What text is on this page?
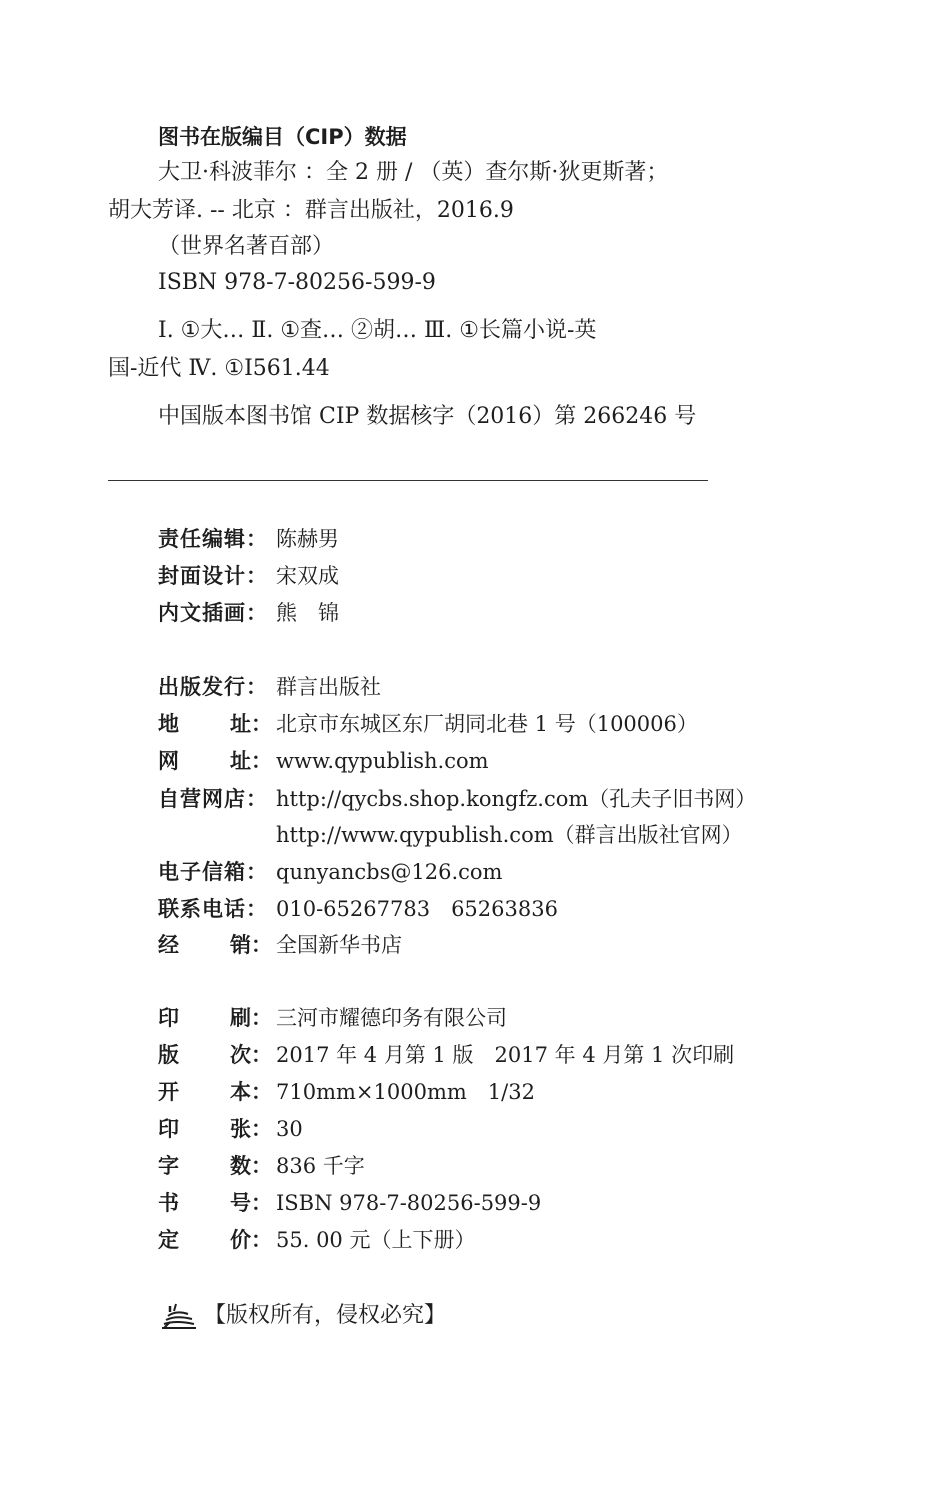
图书在版编目（CIP）数据
大卫·科波菲尔 ：全 2 册 / （英）查尔斯·狄更斯著；
胡大芳译. -- 北京 ：群言出版社，2016.9
（世界名著百部）
ISBN 978-7-80256-599-9
Ⅰ. ①大… Ⅱ. ①查… ②胡… Ⅲ. ①长篇小说-英
国-近代 Ⅳ. ①I561.44
中国版本图书馆 CIP 数据核字（2016）第 266246 号
责任编辑： 陈赫男
封面设计： 宋双成
内文插画： 熊　锦
出版发行： 群言出版社
地 址： 北京市东城区东厂胡同北巷 1 号（100006）
网 址： www.qypublish.com
自营网店： http://qycbs.shop.kongfz.com（孔夫子旧书网）
http://www.qypublish.com（群言出版社官网）
电子信箱： qunyancbs@126.com
联系电话： 010-65267783　65263836
经 销： 全国新华书店
印 刷： 三河市耀德印务有限公司
版 次： 2017 年 4 月第 1 版　2017 年 4 月第 1 次印刷
开 本： 710mm×1000mm　1/32
印 张： 30
字 数： 836 千字
书 号： ISBN 978-7-80256-599-9
定 价： 55. 00 元（上下册）
【版权所有，侵权必究】
